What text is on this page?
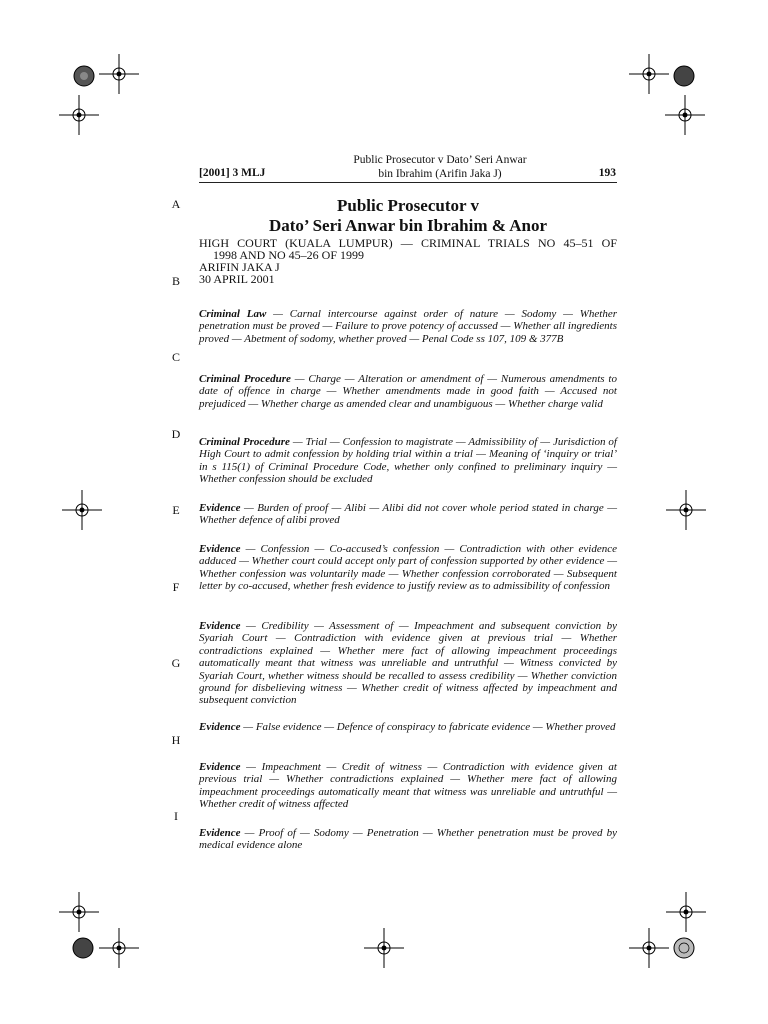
[2001] 3 MLJ
Public Prosecutor v Dato’ Seri Anwar
bin Ibrahim (Arifin Jaka J)	193
A
B
C
D
E
F
G
H
I
Public Prosecutor v
Dato’ Seri Anwar bin Ibrahim & Anor
HIGH COURT (KUALA LUMPUR) — CRIMINAL TRIALS NO 45–51 OF
1998 AND NO 45–26 OF 1999
ARIFIN JAKA J
30 APRIL 2001
Criminal Law — Carnal intercourse against order of nature — Sodomy — Whether penetration must be proved — Failure to prove potency of accussed — Whether all ingredients proved — Abetment of sodomy, whether proved — Penal Code ss 107, 109 & 377B
Criminal Procedure — Charge — Alteration or amendment of — Numerous amendments to date of offence in charge — Whether amendments made in good faith — Accused not prejudiced — Whether charge as amended clear and unambiguous — Whether charge valid
Criminal Procedure — Trial — Confession to magistrate — Admissibility of — Jurisdiction of High Court to admit confession by holding trial within a trial — Meaning of ‘inquiry or trial’ in s 115(1) of Criminal Procedure Code, whether only confined to preliminary inquiry — Whether confession should be excluded
Evidence — Burden of proof — Alibi — Alibi did not cover whole period stated in charge — Whether defence of alibi proved
Evidence — Confession — Co-accused’s confession — Contradiction with other evidence adduced — Whether court could accept only part of confession supported by other evidence — Whether confession was voluntarily made — Whether confession corroborated — Subsequent letter by co-accused, whether fresh evidence to justify review as to admissibility of confession
Evidence — Credibility — Assessment of — Impeachment and subsequent conviction by Syariah Court — Contradiction with evidence given at previous trial — Whether contradictions explained — Whether mere fact of allowing impeachment proceedings automatically meant that witness was unreliable and untruthful — Witness convicted by Syariah Court, whether witness should be recalled to assess credibility — Whether conviction ground for disbelieving witness — Whether credit of witness affected by impeachment and subsequent conviction
Evidence — False evidence — Defence of conspiracy to fabricate evidence — Whether proved
Evidence — Impeachment — Credit of witness — Contradiction with evidence given at previous trial — Whether contradictions explained — Whether mere fact of allowing impeachment proceedings automatically meant that witness was unreliable and untruthful — Whether credit of witness affected
Evidence — Proof of — Sodomy — Penetration — Whether penetration must be proved by medical evidence alone
